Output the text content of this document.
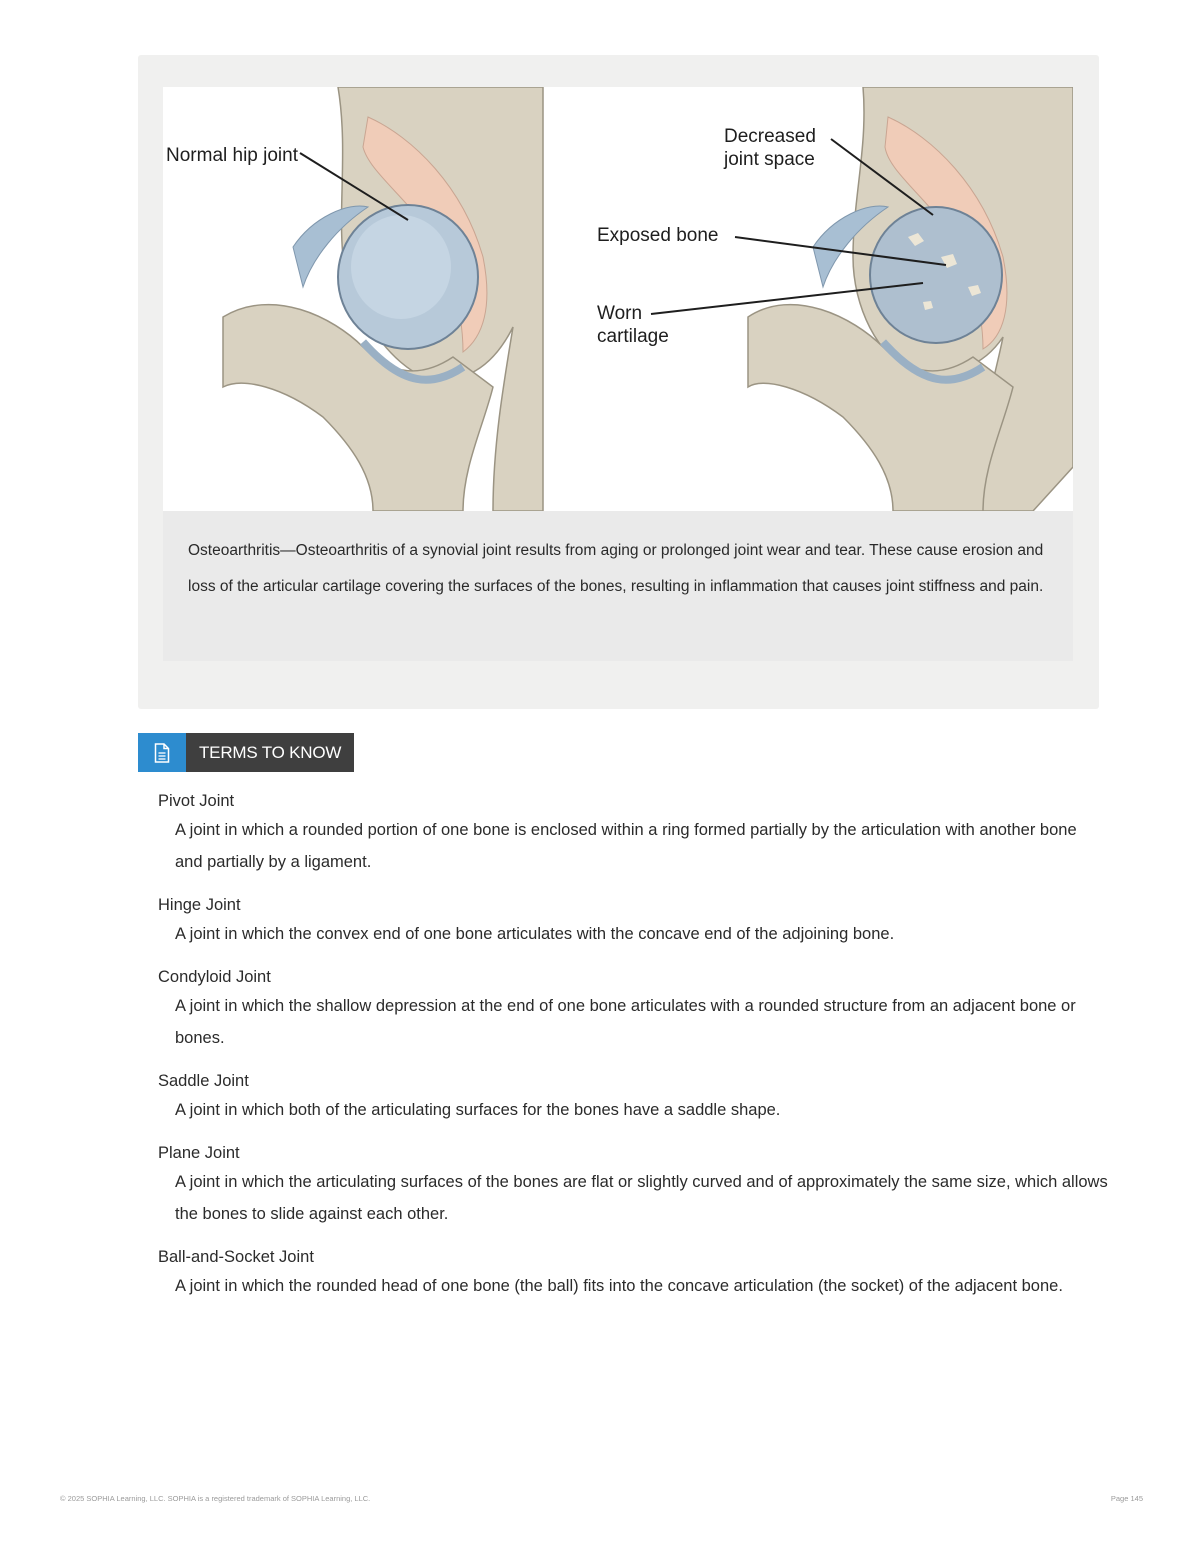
Normal hip joint
Decreased
joint space
Exposed bone
Worn
cartilage
Osteoarthritis—Osteoarthritis of a synovial joint results from aging or prolonged joint wear and tear. These cause erosion and loss of the articular cartilage covering the surfaces of the bones, resulting in inflammation that causes joint stiffness and pain.
TERMS TO KNOW
Pivot Joint
A joint in which a rounded portion of one bone is enclosed within a ring formed partially by the articulation with another bone and partially by a ligament.
Hinge Joint
A joint in which the convex end of one bone articulates with the concave end of the adjoining bone.
Condyloid Joint
A joint in which the shallow depression at the end of one bone articulates with a rounded structure from an adjacent bone or bones.
Saddle Joint
A joint in which both of the articulating surfaces for the bones have a saddle shape.
Plane Joint
A joint in which the articulating surfaces of the bones are flat or slightly curved and of approximately the same size, which allows the bones to slide against each other.
Ball-and-Socket Joint
A joint in which the rounded head of one bone (the ball) fits into the concave articulation (the socket) of the adjacent bone.
© 2025 SOPHIA Learning, LLC. SOPHIA is a registered trademark of SOPHIA Learning, LLC.	Page 145
